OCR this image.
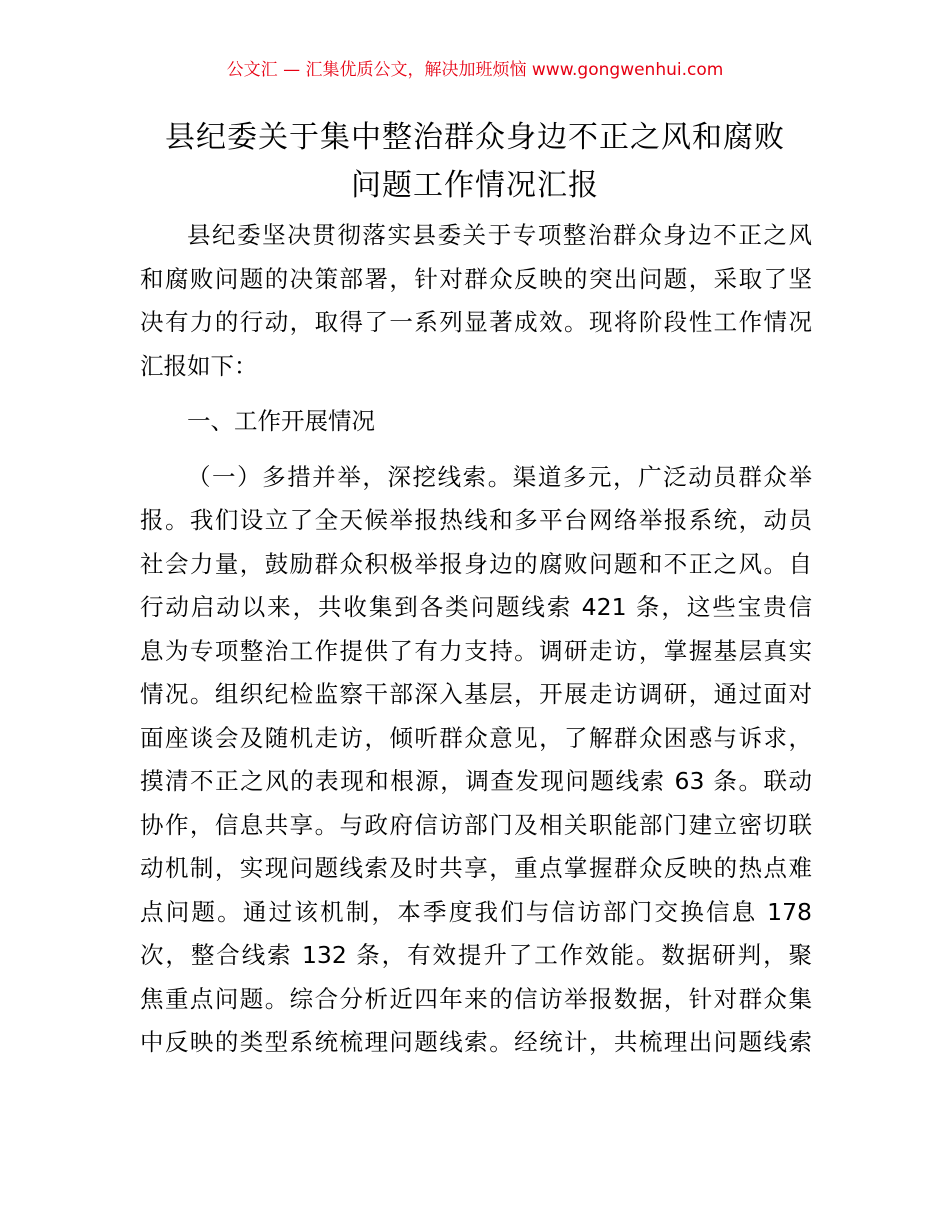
公文汇 — 汇集优质公文，解决加班烦恼 www.gongwenhui.com
县纪委关于集中整治群众身边不正之风和腐败
问题工作情况汇报
县纪委坚决贯彻落实县委关于专项整治群众身边不正之风
和腐败问题的决策部署，针对群众反映的突出问题，采取了坚
决有力的行动，取得了一系列显著成效。现将阶段性工作情况
汇报如下：
一、工作开展情况
（一）多措并举，深挖线索。渠道多元，广泛动员群众举
报。我们设立了全天候举报热线和多平台网络举报系统，动员
社会力量，鼓励群众积极举报身边的腐败问题和不正之风。自
行动启动以来，共收集到各类问题线索 421 条，这些宝贵信
息为专项整治工作提供了有力支持。调研走访，掌握基层真实
情况。组织纪检监察干部深入基层，开展走访调研，通过面对
面座谈会及随机走访，倾听群众意见，了解群众困惑与诉求，
摸清不正之风的表现和根源，调查发现问题线索 63 条。联动
协作，信息共享。与政府信访部门及相关职能部门建立密切联
动机制，实现问题线索及时共享，重点掌握群众反映的热点难
点问题。通过该机制，本季度我们与信访部门交换信息 178
次，整合线索 132 条，有效提升了工作效能。数据研判，聚
焦重点问题。综合分析近四年来的信访举报数据，针对群众集
中反映的类型系统梳理问题线索。经统计，共梳理出问题线索
